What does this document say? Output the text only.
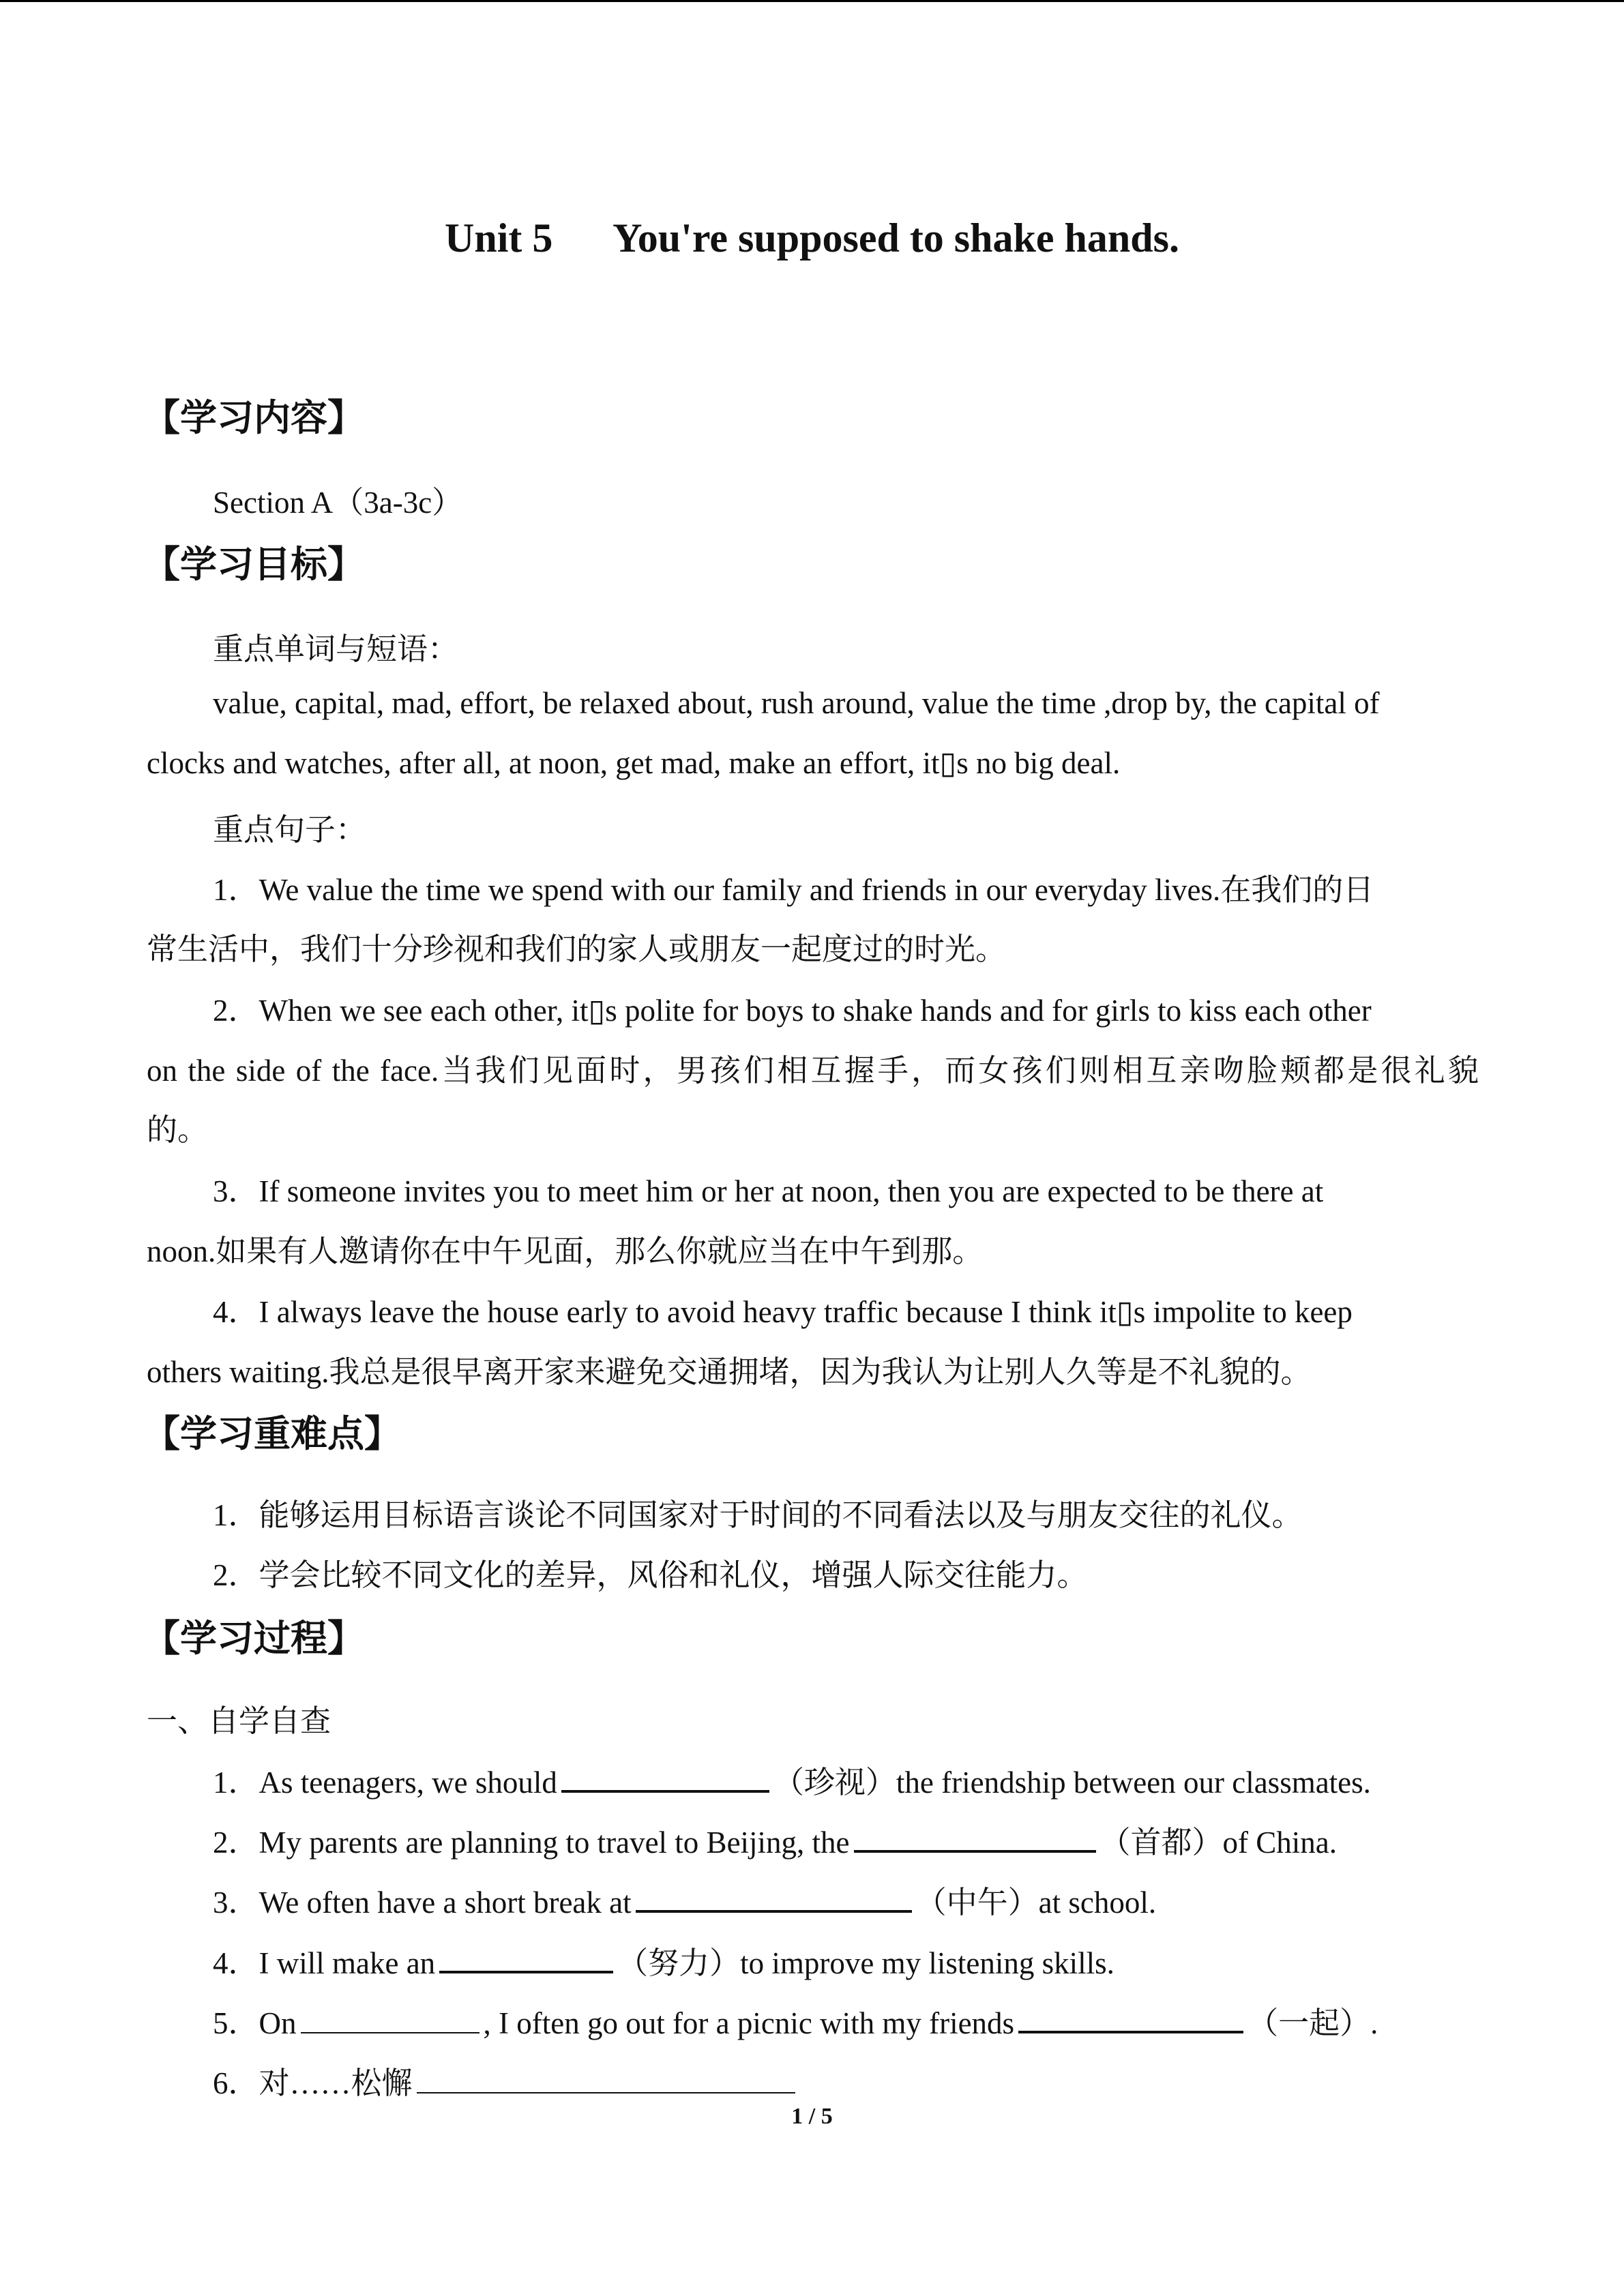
Unit 5      You're supposed to shake hands.
【学习内容】
Section A（3a-3c）
【学习目标】
重点单词与短语：
value, capital, mad, effort, be relaxed about, rush around, value the time ,drop by, the capital of
clocks and watches, after all, at noon, get mad, make an effort, it▯s no big deal.
重点句子：
1．We value the time we spend with our family and friends in our everyday lives.在我们的日
常生活中，我们十分珍视和我们的家人或朋友一起度过的时光。
2．When we see each other, it▯s polite for boys to shake hands and for girls to kiss each other
on the side of the face.当我们见面时，男孩们相互握手，而女孩们则相互亲吻脸颊都是很礼貌
的。
3．If someone invites you to meet him or her at noon, then you are expected to be there at
noon.如果有人邀请你在中午见面，那么你就应当在中午到那。
4．I always leave the house early to avoid heavy traffic because I think it▯s impolite to keep
others waiting.我总是很早离开家来避免交通拥堵，因为我认为让别人久等是不礼貌的。
【学习重难点】
1．能够运用目标语言谈论不同国家对于时间的不同看法以及与朋友交往的礼仪。
2．学会比较不同文化的差异，风俗和礼仪，增强人际交往能力。
【学习过程】
一、自学自查
1．As teenagers, we should	（珍视）the friendship between our classmates.
2．My parents are planning to travel to Beijing, the	（首都）of China.
3．We often have a short break at	（中午）at school.
4．I will make an	（努力）to improve my listening skills.
5．On	, I often go out for a picnic with my friends	（一起）.
6．对……松懈
1 / 5
